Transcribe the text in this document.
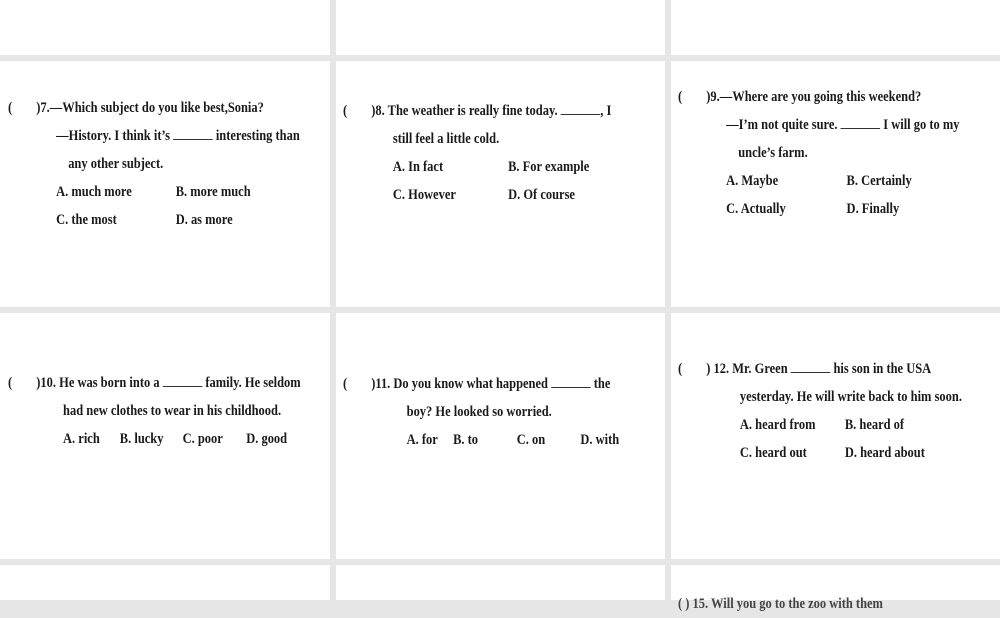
( )7.—Which subject do you like best,Sonia?
—History. I think it’s	interesting than
any other subject.
A. much more	B. more much
C. the most	D. as more
( )8. The weather is really fine today.	, I
still feel a little cold.
A. In fact	B. For example
C. However	D. Of course
( )9.—Where are you going this weekend?
—I’m not quite sure.	I will go to my
uncle’s farm.
A. Maybe	B. Certainly
C. Actually	D. Finally
( )10. He was born into a	family. He seldom
had new clothes to wear in his childhood.
A. rich B. lucky C. poor D. good
( )11. Do you know what happened	the
boy? He looked so worried.
A. for B. to	C. on D. with
( ) 12. Mr. Green	his son in the USA
yesterday. He will write back to him soon.
A. heard from B. heard of
C. heard out	D. heard about
( ) 15. Will you go to the zoo with them
